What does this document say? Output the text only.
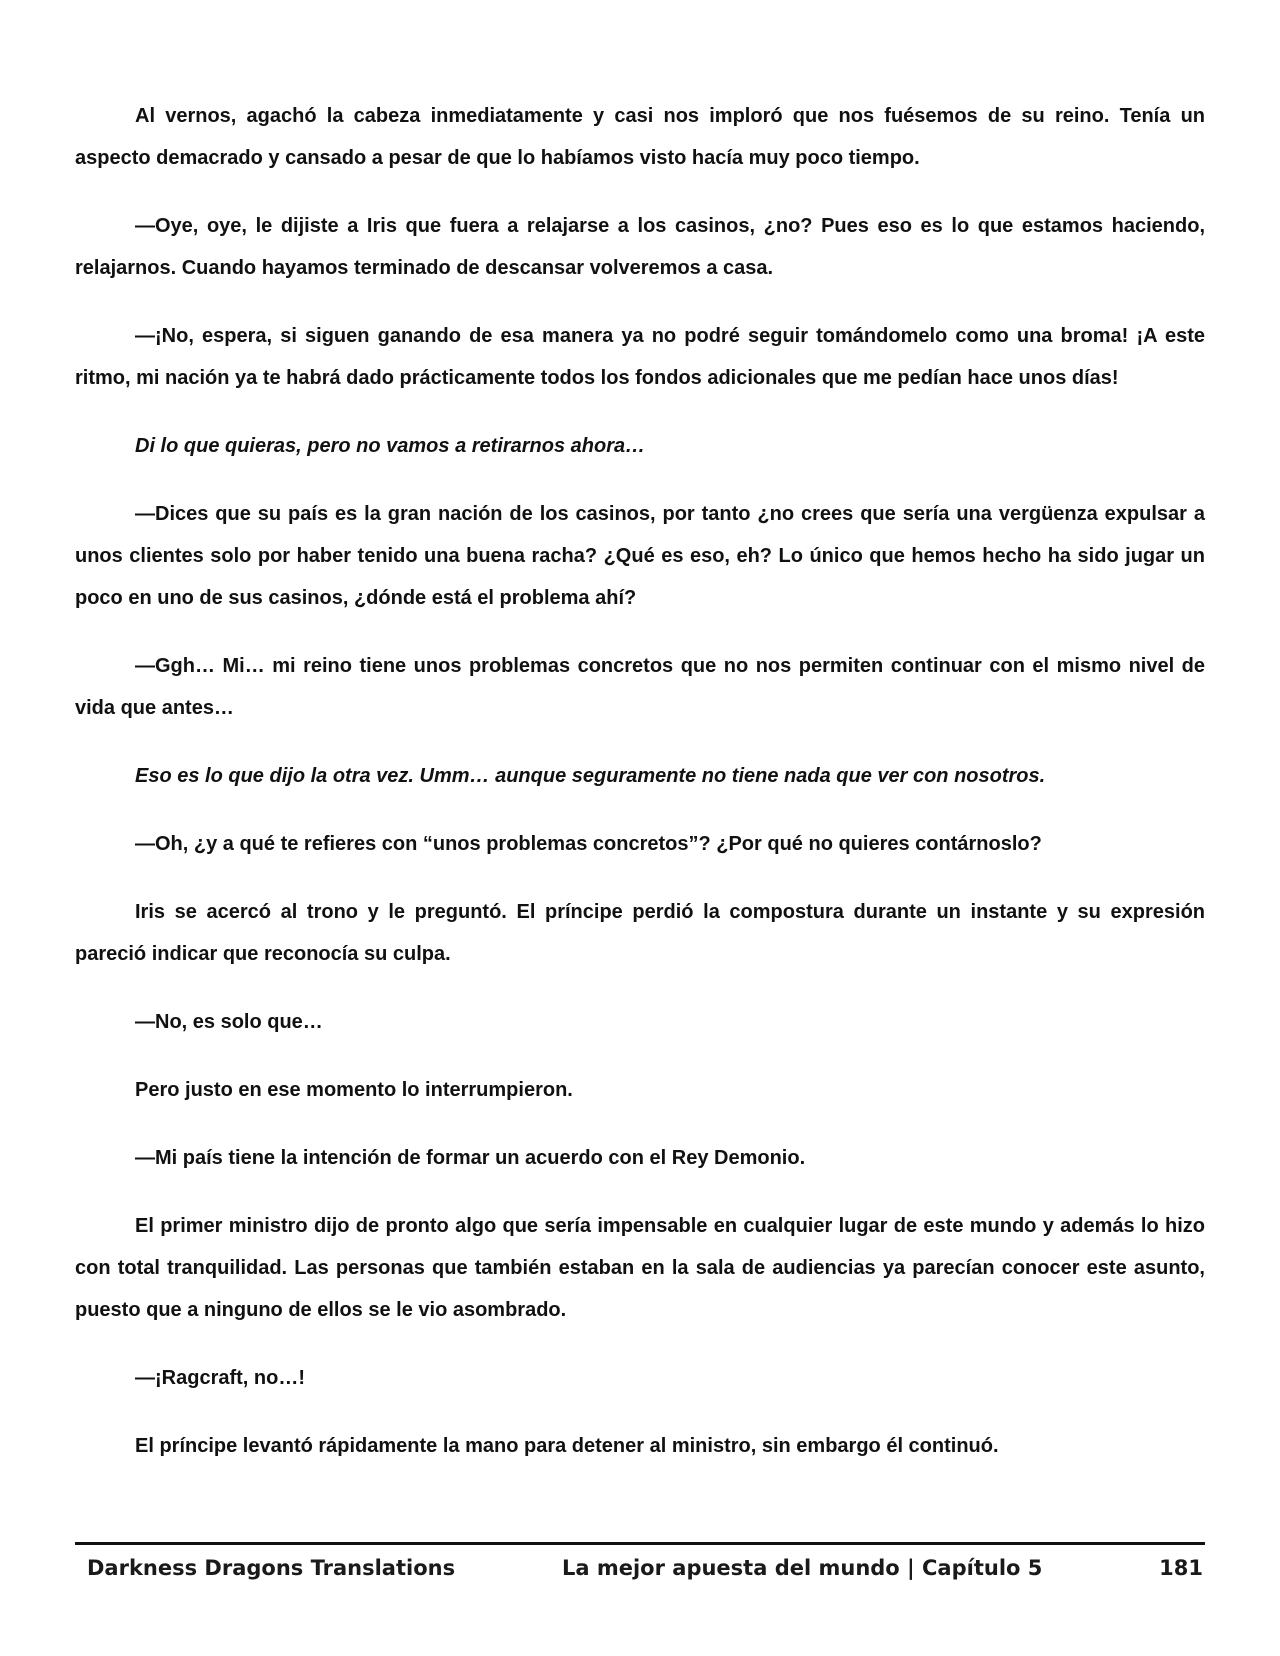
Al vernos, agachó la cabeza inmediatamente y casi nos imploró que nos fuésemos de su reino. Tenía un aspecto demacrado y cansado a pesar de que lo habíamos visto hacía muy poco tiempo.

—Oye, oye, le dijiste a Iris que fuera a relajarse a los casinos, ¿no? Pues eso es lo que estamos haciendo, relajarnos. Cuando hayamos terminado de descansar volveremos a casa.

—¡No, espera, si siguen ganando de esa manera ya no podré seguir tomándomelo como una broma! ¡A este ritmo, mi nación ya te habrá dado prácticamente todos los fondos adicionales que me pedían hace unos días!

Di lo que quieras, pero no vamos a retirarnos ahora…

—Dices que su país es la gran nación de los casinos, por tanto ¿no crees que sería una vergüenza expulsar a unos clientes solo por haber tenido una buena racha? ¿Qué es eso, eh? Lo único que hemos hecho ha sido jugar un poco en uno de sus casinos, ¿dónde está el problema ahí?

—Ggh… Mi… mi reino tiene unos problemas concretos que no nos permiten continuar con el mismo nivel de vida que antes…

Eso es lo que dijo la otra vez. Umm… aunque seguramente no tiene nada que ver con nosotros.

—Oh, ¿y a qué te refieres con “unos problemas concretos”? ¿Por qué no quieres contárnoslo?

Iris se acercó al trono y le preguntó. El príncipe perdió la compostura durante un instante y su expresión pareció indicar que reconocía su culpa.

—No, es solo que…

Pero justo en ese momento lo interrumpieron.

—Mi país tiene la intención de formar un acuerdo con el Rey Demonio.

El primer ministro dijo de pronto algo que sería impensable en cualquier lugar de este mundo y además lo hizo con total tranquilidad. Las personas que también estaban en la sala de audiencias ya parecían conocer este asunto, puesto que a ninguno de ellos se le vio asombrado.

—¡Ragcraft, no…!

El príncipe levantó rápidamente la mano para detener al ministro, sin embargo él continuó.

Darkness Dragons Translations	La mejor apuesta del mundo | Capítulo 5	181
